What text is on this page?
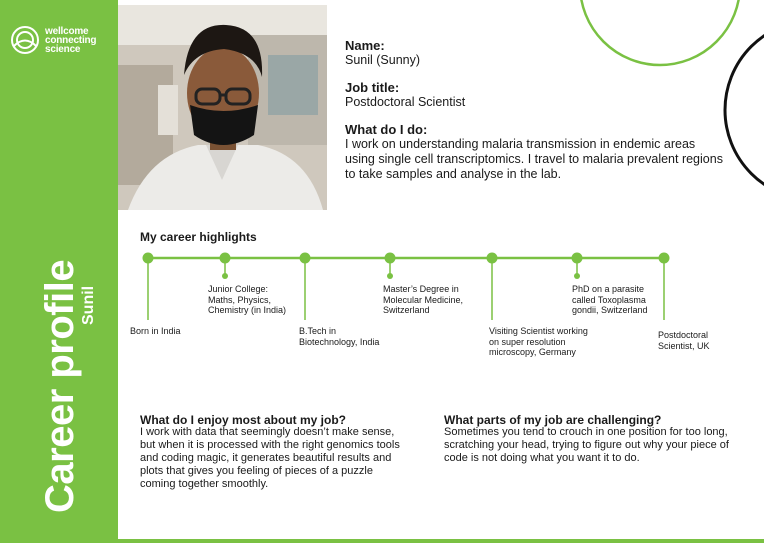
wellcome
connecting
science
Career profile
Sunil
Name:

Sunil (Sunny)

Job title:

Postdoctoral Scientist

What do I do:

I work on understanding malaria transmission in endemic areas using single cell transcriptomics. I travel to malaria prevalent regions to take samples and analyse in the lab.

My career highlights
Born in India
Junior College:
Maths, Physics,
Chemistry (in India)
B.Tech in
Biotechnology, India
Master’s Degree in
Molecular Medicine,
Switzerland
Visiting Scientist working
on super resolution
microscopy, Germany
PhD on a parasite
called Toxoplasma
gondii, Switzerland
Postdoctoral
Scientist, UK
What do I enjoy most about my job?
I work with data that seemingly doesn’t make sense, but when it is processed with the right genomics tools and coding magic, it generates beautiful results and plots that gives you feeling of pieces of a puzzle coming together smoothly.
What parts of my job are challenging?
Sometimes you tend to crouch in one position for too long, scratching your head, trying to figure out why your piece of code is not doing what you want it to do.
